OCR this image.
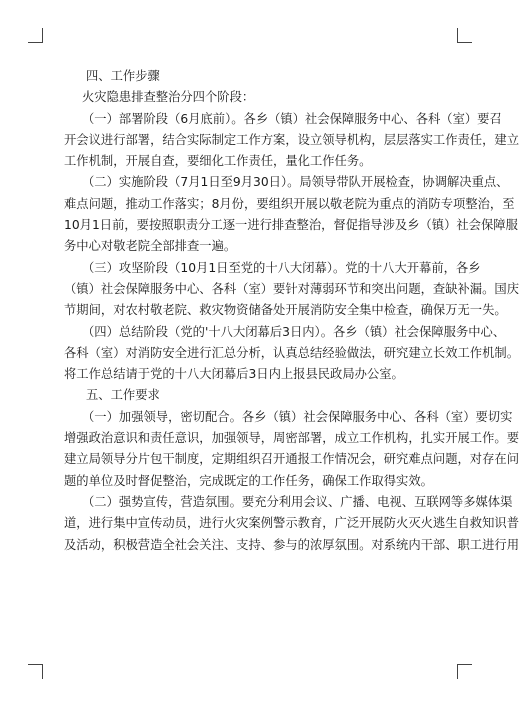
四、工作步骤
火灾隐患排查整治分四个阶段：
（一）部署阶段（6月底前）。各乡（镇）社会保障服务中心、各科（室）要召
开会议进行部署，结合实际制定工作方案，设立领导机构，层层落实工作责任，建立
工作机制，开展自查，要细化工作责任，量化工作任务。
（二）实施阶段（7月1日至9月30日）。局领导带队开展检查，协调解决重点、
难点问题，推动工作落实；8月份，要组织开展以敬老院为重点的消防专项整治，至
10月1日前，要按照职责分工逐一进行排查整治，督促指导涉及乡（镇）社会保障服
务中心对敬老院全部排查一遍。
（三）攻坚阶段（10月1日至党的十八大闭幕）。党的十八大开幕前，各乡
（镇）社会保障服务中心、各科（室）要针对薄弱环节和突出问题，查缺补漏。国庆
节期间，对农村敬老院、救灾物资储备处开展消防安全集中检查，确保万无一失。
（四）总结阶段（党的'十八大闭幕后3日内）。各乡（镇）社会保障服务中心、
各科（室）对消防安全进行汇总分析，认真总结经验做法，研究建立长效工作机制。
将工作总结请于党的十八大闭幕后3日内上报县民政局办公室。
五、工作要求
（一）加强领导，密切配合。各乡（镇）社会保障服务中心、各科（室）要切实
增强政治意识和责任意识，加强领导，周密部署，成立工作机构，扎实开展工作。要
建立局领导分片包干制度，定期组织召开通报工作情况会，研究难点问题，对存在问
题的单位及时督促整治，完成既定的工作任务，确保工作取得实效。
（二）强势宣传，营造氛围。要充分利用会议、广播、电视、互联网等多媒体渠
道，进行集中宣传动员，进行火灾案例警示教育，广泛开展防火灭火逃生自救知识普
及活动，积极营造全社会关注、支持、参与的浓厚氛围。对系统内干部、职工进行用
